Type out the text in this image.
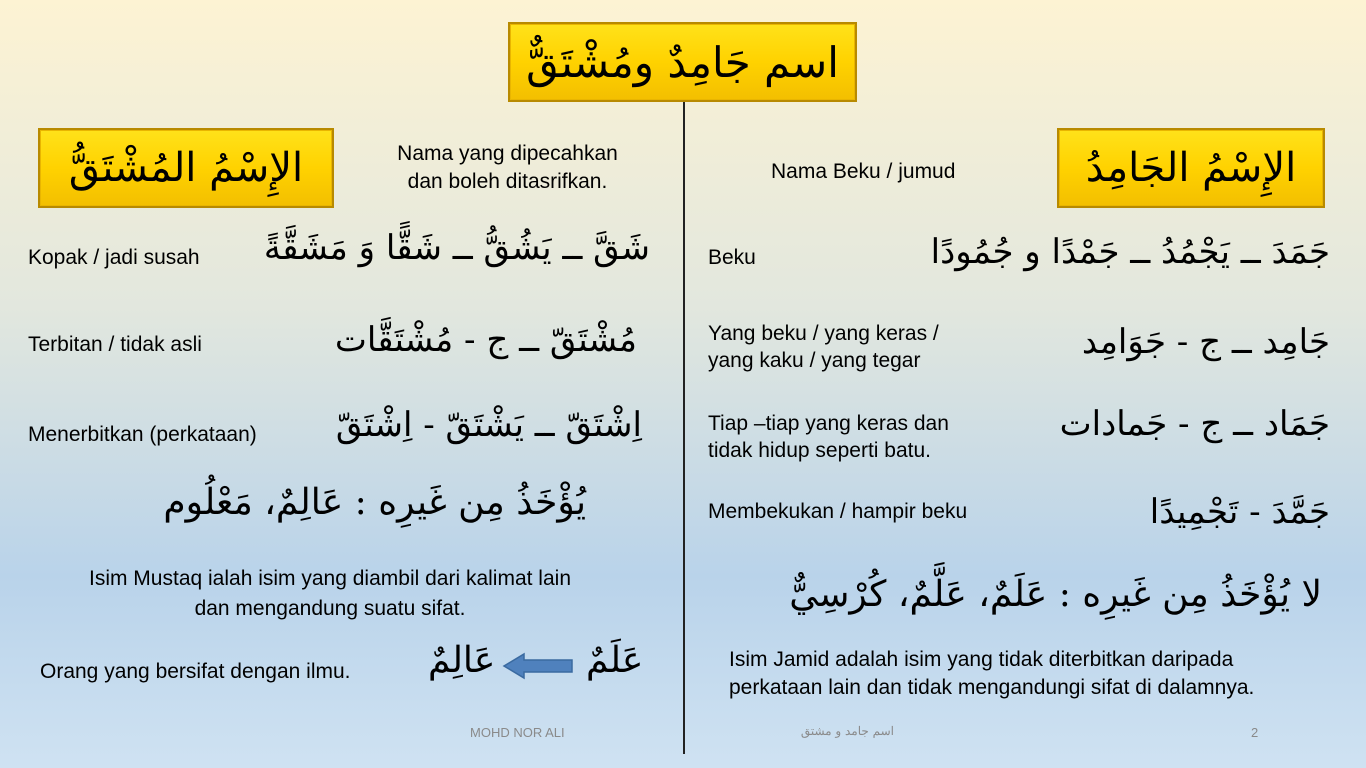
اسم جَامِدٌ ومُشْتَقٌّ
الإِسْمُ المُشْتَقُّ	Nama yang dipecahkan
dan boleh ditasrifkan.	الإِسْمُ الجَامِدُ
Nama Beku / jumud
Kopak / jadi susah شَقَّ ــ يَشُقُّ ــ شَقًّا وَ مَشَقَّةً
Terbitan / tidak asli	مُشْتَقّ ــ ج - مُشْتَقَّات
Menerbitkan (perkataan) اِشْتَقّ ــ يَشْتَقّ - اِشْتَقّ
يُؤْخَذُ مِن غَيرِه : عَالِمٌ، مَعْلُوم
Isim Mustaq ialah isim yang diambil dari kalimat lain
dan mengandung suatu sifat.
Orang yang bersifat dengan ilmu. عَالِمٌ	عَلَمٌ
Beku	جَمَدَ ــ يَجْمُدُ ــ جَمْدًا و جُمُودًا
Yang beku / yang keras /
yang kaku / yang tegar	جَامِد ــ ج - جَوَامِد
Tiap –tiap yang keras dan
tidak hidup seperti batu.
جَمَاد ــ ج - جَمادات
Membekukan / hampir beku	جَمَّدَ - تَجْمِيدًا
لا يُؤْخَذُ مِن غَيرِه : عَلَمٌ، عَلَّمٌ، كُرْسِيٌّ
Isim Jamid adalah isim yang tidak diterbitkan daripada
perkataan lain dan tidak mengandungi sifat di dalamnya.
MOHD NOR ALI	اسم جامد و مشتق	2
